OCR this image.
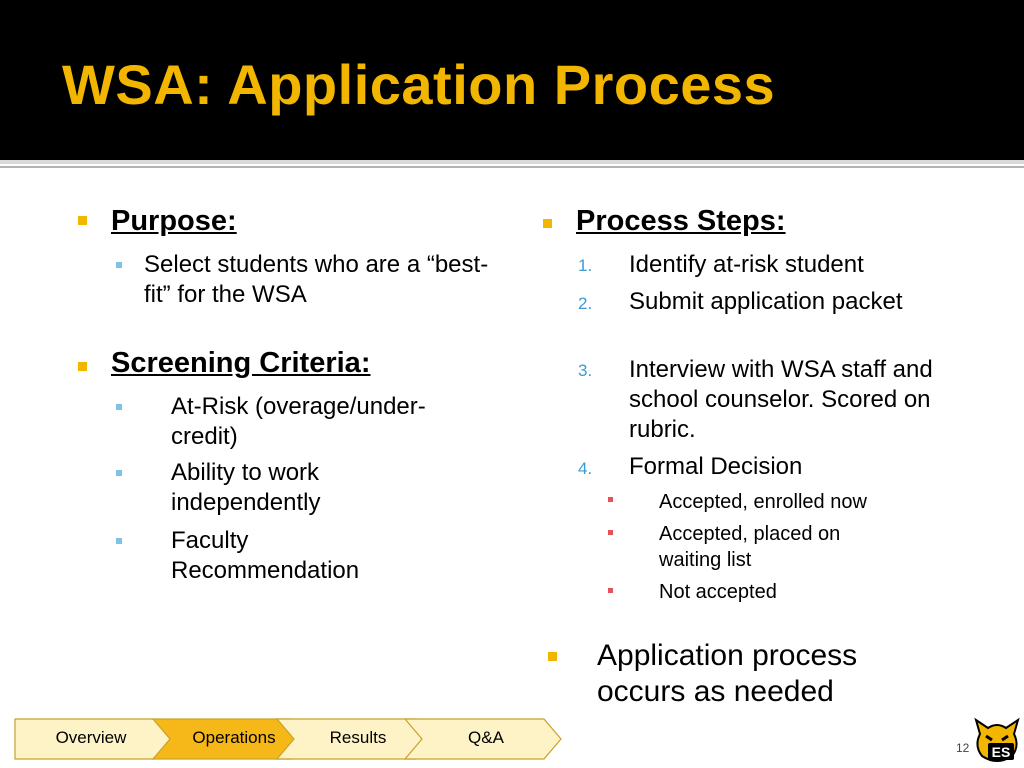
WSA: Application Process
Purpose:
Select students who are a “best-fit” for the WSA
Screening Criteria:
At-Risk (overage/under-credit)
Ability to work independently
Faculty Recommendation
Process Steps:
1. Identify at-risk student
2. Submit application packet
3. Interview with WSA staff and school counselor. Scored on rubric.
4. Formal Decision
Accepted, enrolled now
Accepted, placed on waiting list
Not accepted
Application process occurs as needed
Overview	Operations	Results	Q&A
12 ES
